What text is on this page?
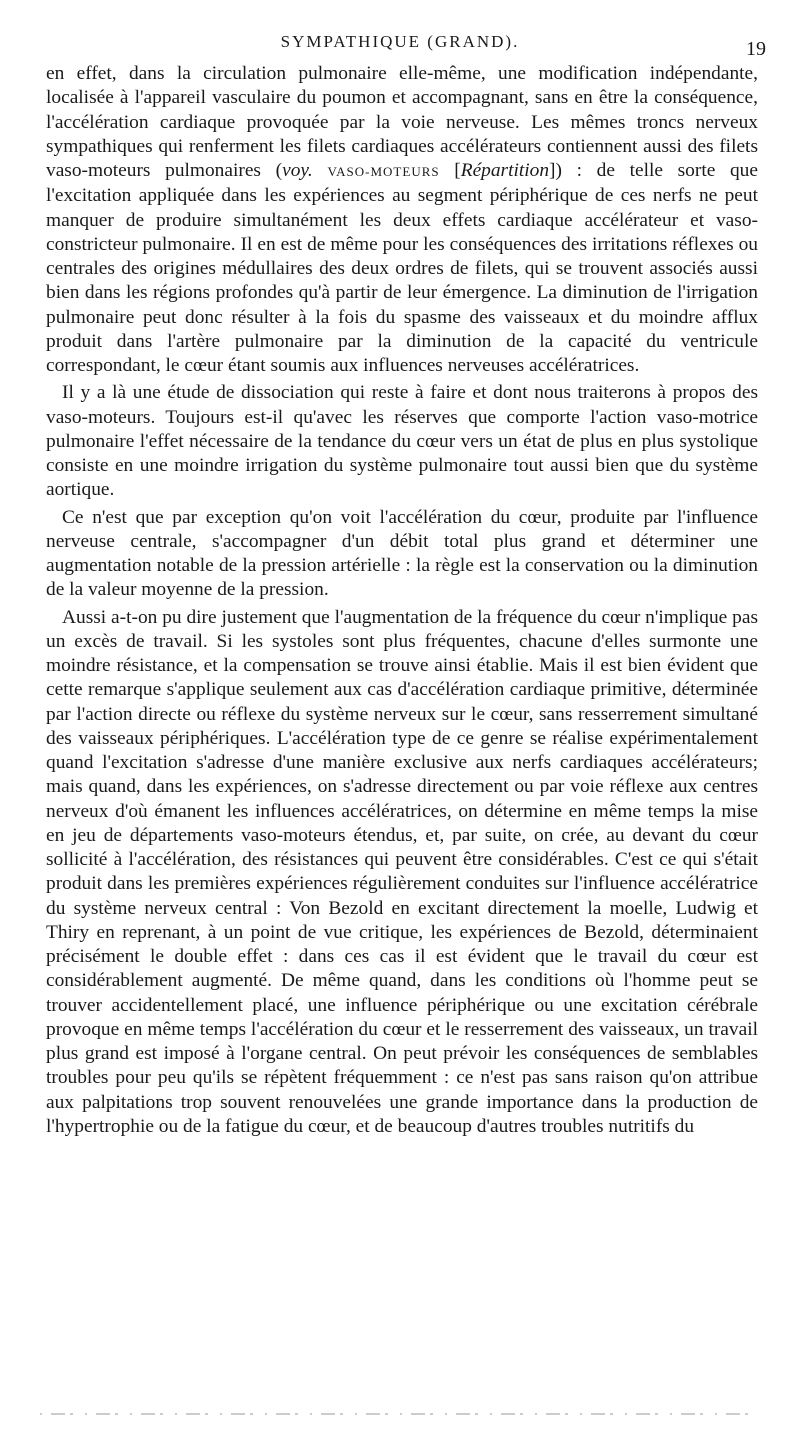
SYMPATHIQUE (GRAND).	19

en effet, dans la circulation pulmonaire elle-même, une modification indépendante, localisée à l'appareil vasculaire du poumon et accompagnant, sans en être la conséquence, l'accélération cardiaque provoquée par la voie nerveuse. Les mêmes troncs nerveux sympathiques qui renferment les filets cardiaques accélérateurs contiennent aussi des filets vaso-moteurs pulmonaires (voy. VASO-MOTEURS [Répartition]) : de telle sorte que l'excitation appliquée dans les expériences au segment périphérique de ces nerfs ne peut manquer de produire simultanément les deux effets cardiaque accélérateur et vaso-constricteur pulmonaire. Il en est de même pour les conséquences des irritations réflexes ou centrales des origines médullaires des deux ordres de filets, qui se trouvent associés aussi bien dans les régions profondes qu'à partir de leur émergence. La diminution de l'irrigation pulmonaire peut donc résulter à la fois du spasme des vaisseaux et du moindre afflux produit dans l'artère pulmonaire par la diminution de la capacité du ventricule correspondant, le cœur étant soumis aux influences nerveuses accélératrices.

Il y a là une étude de dissociation qui reste à faire et dont nous traiterons à propos des vaso-moteurs. Toujours est-il qu'avec les réserves que comporte l'action vaso-motrice pulmonaire l'effet nécessaire de la tendance du cœur vers un état de plus en plus systolique consiste en une moindre irrigation du système pulmonaire tout aussi bien que du système aortique.

Ce n'est que par exception qu'on voit l'accélération du cœur, produite par l'influence nerveuse centrale, s'accompagner d'un débit total plus grand et déterminer une augmentation notable de la pression artérielle : la règle est la conservation ou la diminution de la valeur moyenne de la pression.

Aussi a-t-on pu dire justement que l'augmentation de la fréquence du cœur n'implique pas un excès de travail. Si les systoles sont plus fréquentes, chacune d'elles surmonte une moindre résistance, et la compensation se trouve ainsi établie. Mais il est bien évident que cette remarque s'applique seulement aux cas d'accélération cardiaque primitive, déterminée par l'action directe ou réflexe du système nerveux sur le cœur, sans resserrement simultané des vaisseaux périphériques. L'accélération type de ce genre se réalise expérimentalement quand l'excitation s'adresse d'une manière exclusive aux nerfs cardiaques accélérateurs; mais quand, dans les expériences, on s'adresse directement ou par voie réflexe aux centres nerveux d'où émanent les influences accélératrices, on détermine en même temps la mise en jeu de départements vaso-moteurs étendus, et, par suite, on crée, au devant du cœur sollicité à l'accélération, des résistances qui peuvent être considérables. C'est ce qui s'était produit dans les premières expériences régulièrement conduites sur l'influence accélératrice du système nerveux central : Von Bezold en excitant directement la moelle, Ludwig et Thiry en reprenant, à un point de vue critique, les expériences de Bezold, déterminaient précisément le double effet : dans ces cas il est évident que le travail du cœur est considérablement augmenté. De même quand, dans les conditions où l'homme peut se trouver accidentellement placé, une influence périphérique ou une excitation cérébrale provoque en même temps l'accélération du cœur et le resserrement des vaisseaux, un travail plus grand est imposé à l'organe central. On peut prévoir les conséquences de semblables troubles pour peu qu'ils se répètent fréquemment : ce n'est pas sans raison qu'on attribue aux palpitations trop souvent renouvelées une grande importance dans la production de l'hypertrophie ou de la fatigue du cœur, et de beaucoup d'autres troubles nutritifs du
